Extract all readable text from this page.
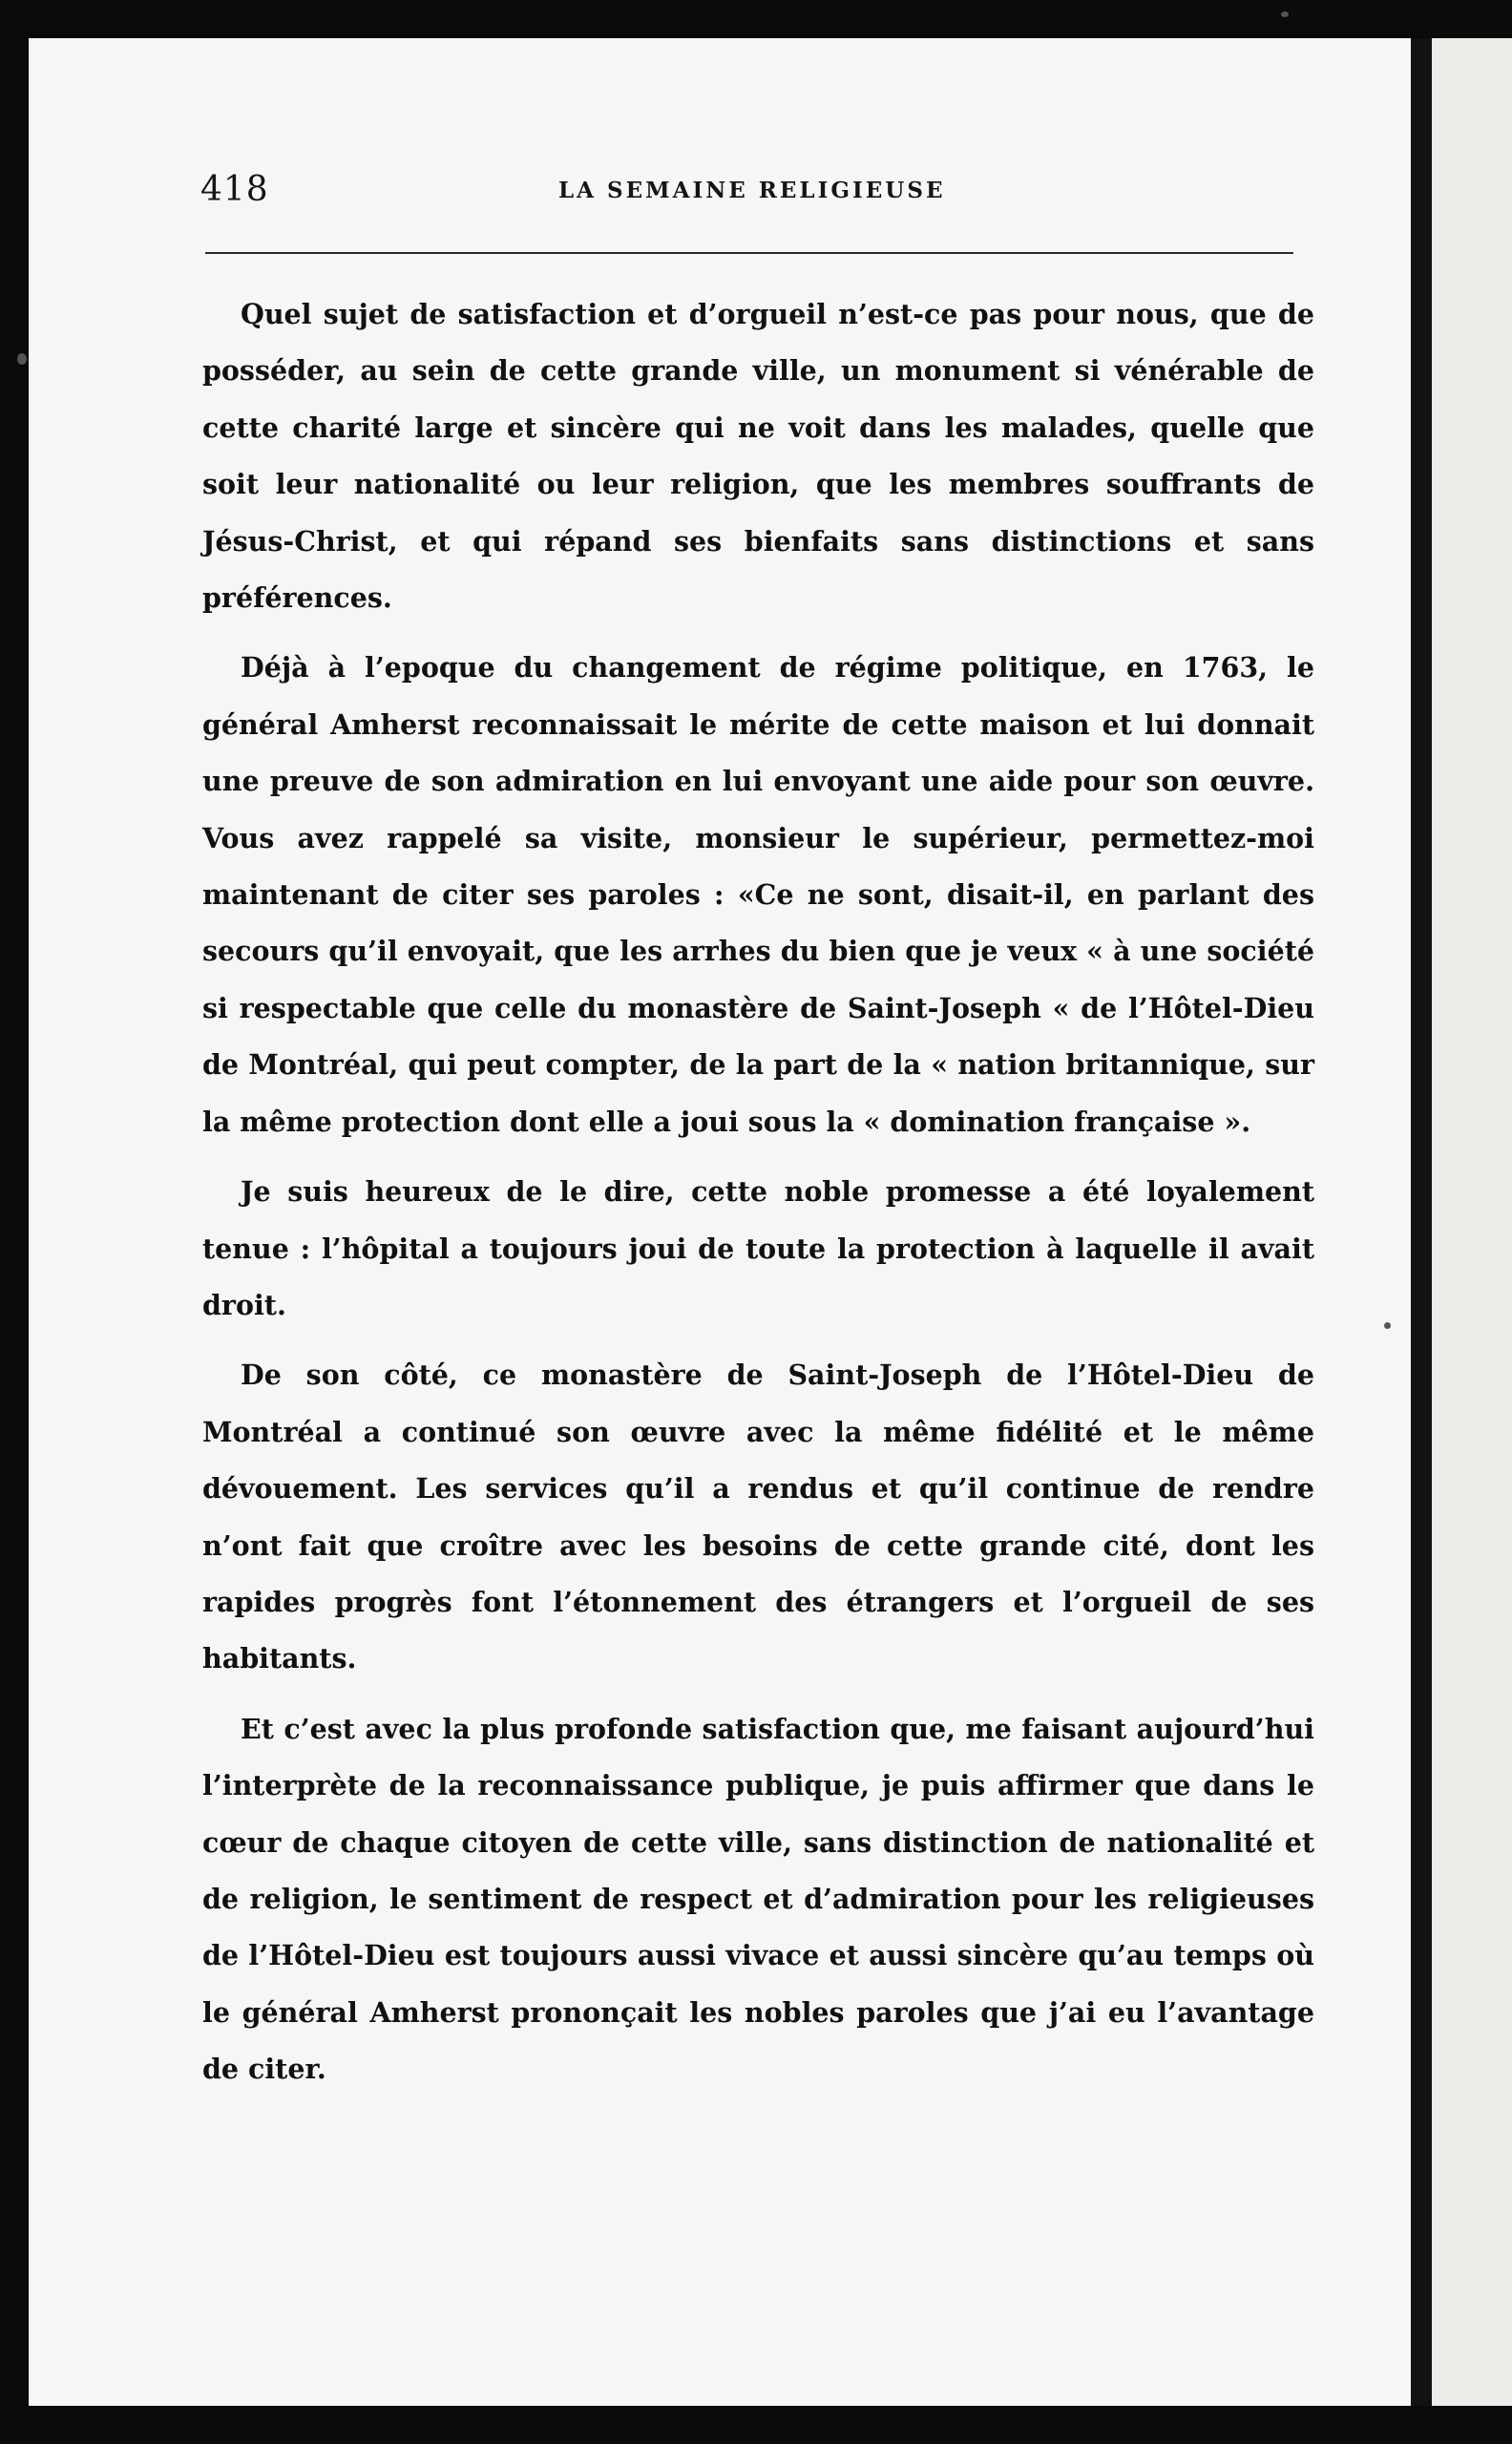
418	LA SEMAINE RELIGIEUSE

Quel sujet de satisfaction et d’orgueil n’est-ce pas pour nous, que de posséder, au sein de cette grande ville, un monument si vénérable de cette charité large et sincère qui ne voit dans les malades, quelle que soit leur nationalité ou leur religion, que les membres souffrants de Jésus-Christ, et qui répand ses bienfaits sans distinctions et sans préférences.

Déjà à l’epoque du changement de régime politique, en 1763, le général Amherst reconnaissait le mérite de cette maison et lui donnait une preuve de son admiration en lui envoyant une aide pour son œuvre. Vous avez rappelé sa visite, monsieur le supérieur, permettez-moi maintenant de citer ses paroles : «Ce ne sont, disait-il, en parlant des secours qu’il envoyait, que les arrhes du bien que je veux « à une société si respectable que celle du monastère de Saint-Joseph « de l’Hôtel-Dieu de Montréal, qui peut compter, de la part de la « nation britannique, sur la même protection dont elle a joui sous la « domination française ».

Je suis heureux de le dire, cette noble promesse a été loyalement tenue : l’hôpital a toujours joui de toute la protection à laquelle il avait droit.

De son côté, ce monastère de Saint-Joseph de l’Hôtel-Dieu de Montréal a continué son œuvre avec la même fidélité et le même dévouement. Les services qu’il a rendus et qu’il continue de rendre n’ont fait que croître avec les besoins de cette grande cité, dont les rapides progrès font l’étonnement des étrangers et l’orgueil de ses habitants.

Et c’est avec la plus profonde satisfaction que, me faisant aujourd’hui l’interprète de la reconnaissance publique, je puis affirmer que dans le cœur de chaque citoyen de cette ville, sans distinction de nationalité et de religion, le sentiment de respect et d’admiration pour les religieuses de l’Hôtel-Dieu est toujours aussi vivace et aussi sincère qu’au temps où le général Amherst prononçait les nobles paroles que j’ai eu l’avantage de citer.
